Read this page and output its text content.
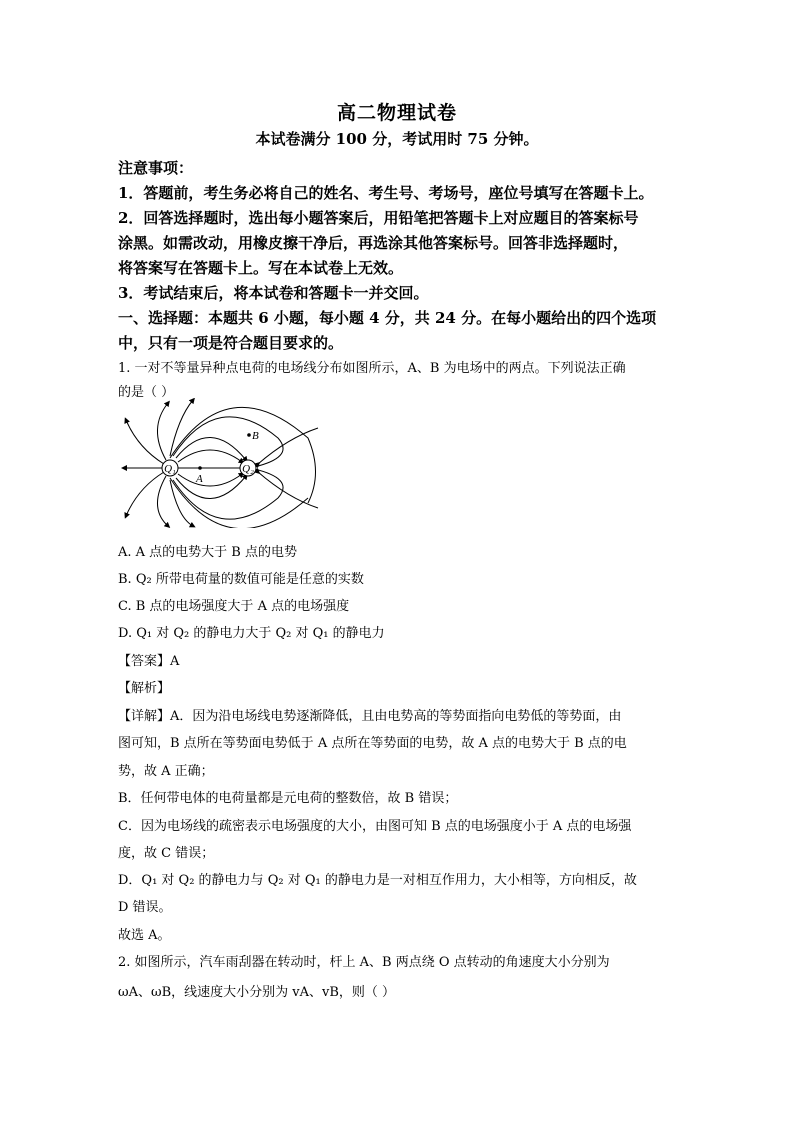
高二物理试卷
本试卷满分 100 分，考试用时 75 分钟。
注意事项：
1．答题前，考生务必将自己的姓名、考生号、考场号，座位号填写在答题卡上。
2．回答选择题时，选出每小题答案后，用铅笔把答题卡上对应题目的答案标号
涂黑。如需改动，用橡皮擦干净后，再选涂其他答案标号。回答非选择题时，
将答案写在答题卡上。写在本试卷上无效。
3．考试结束后，将本试卷和答题卡一并交回。
一、选择题：本题共 6 小题，每小题 4 分，共 24 分。在每小题给出的四个选项
中，只有一项是符合题目要求的。
1. 一对不等量异种点电荷的电场线分布如图所示，A、B 为电场中的两点。下列说法正确
的是（ ）
Q₁	Q₂
A
B
A. A 点的电势大于 B 点的电势
B. Q₂ 所带电荷量的数值可能是任意的实数
C. B 点的电场强度大于 A 点的电场强度
D. Q₁ 对 Q₂ 的静电力大于 Q₂ 对 Q₁ 的静电力
【答案】A
【解析】
【详解】A．因为沿电场线电势逐渐降低，且由电势高的等势面指向电势低的等势面，由
图可知，B 点所在等势面电势低于 A 点所在等势面的电势，故 A 点的电势大于 B 点的电
势，故 A 正确；
B．任何带电体的电荷量都是元电荷的整数倍，故 B 错误；
C．因为电场线的疏密表示电场强度的大小，由图可知 B 点的电场强度小于 A 点的电场强
度，故 C 错误；
D．Q₁ 对 Q₂ 的静电力与 Q₂ 对 Q₁ 的静电力是一对相互作用力，大小相等，方向相反，故
D 错误。
故选 A。
2. 如图所示，汽车雨刮器在转动时，杆上 A、B 两点绕 O 点转动的角速度大小分别为
ωA、ωB，线速度大小分别为 vA、vB，则（ ）
